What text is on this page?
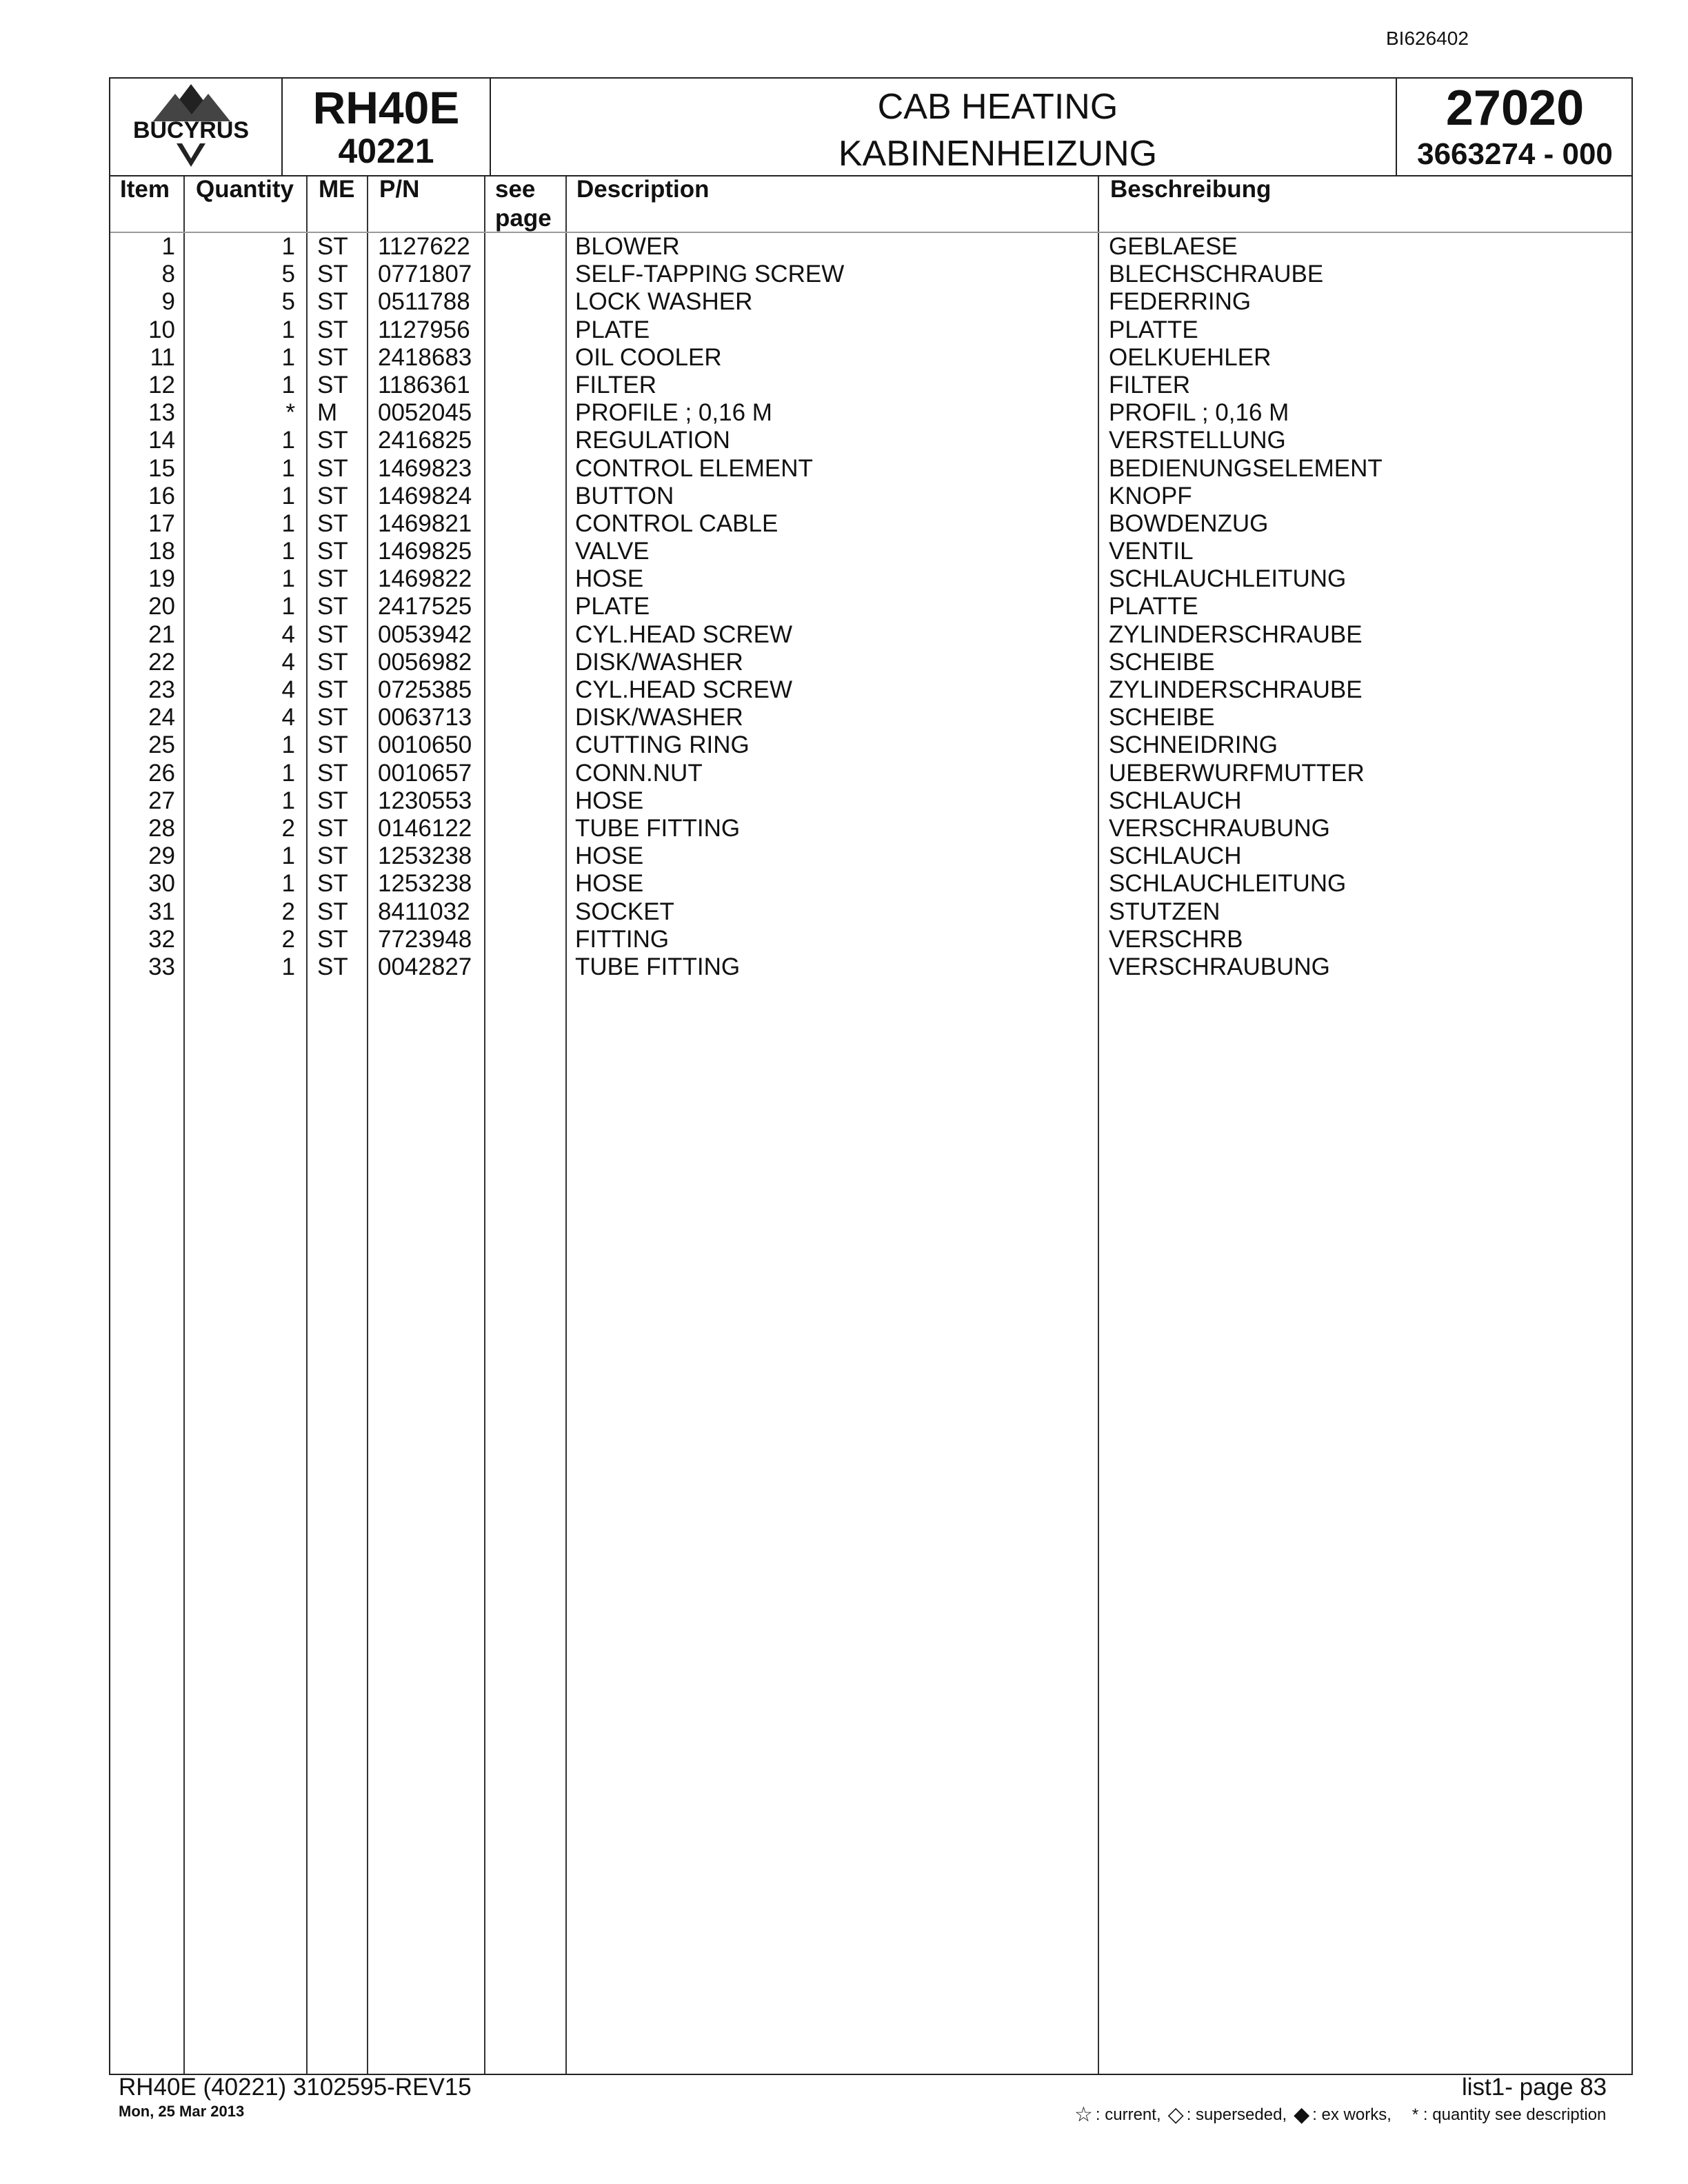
BI626402
BUCYRUS	RH40E
40221
CAB HEATING
KABINENHEIZUNG
27020
3663274 - 000
Item Quantity ME P/N	see
page
Description	Beschreibung
1	1 ST 1127622	BLOWER	GEBLAESE
8	5 ST 0771807	SELF-TAPPING SCREW	BLECHSCHRAUBE
9	5 ST 0511788	LOCK WASHER	FEDERRING
10	1 ST 1127956	PLATE	PLATTE
11	1 ST 2418683	OIL COOLER	OELKUEHLER
12	1 ST 1186361	FILTER	FILTER
13	* M 0052045	PROFILE ; 0,16 M	PROFIL ; 0,16 M
14	1 ST 2416825	REGULATION	VERSTELLUNG
15	1 ST 1469823	CONTROL ELEMENT	BEDIENUNGSELEMENT
16	1 ST 1469824	BUTTON	KNOPF
17	1 ST 1469821	CONTROL CABLE	BOWDENZUG
18	1 ST 1469825	VALVE	VENTIL
19	1 ST 1469822	HOSE	SCHLAUCHLEITUNG
20	1 ST 2417525	PLATE	PLATTE
21	4 ST 0053942	CYL.HEAD SCREW	ZYLINDERSCHRAUBE
22	4 ST 0056982	DISK/WASHER	SCHEIBE
23	4 ST 0725385	CYL.HEAD SCREW	ZYLINDERSCHRAUBE
24	4 ST 0063713	DISK/WASHER	SCHEIBE
25	1 ST 0010650	CUTTING RING	SCHNEIDRING
26	1 ST 0010657	CONN.NUT	UEBERWURFMUTTER
27	1 ST 1230553	HOSE	SCHLAUCH
28	2 ST 0146122	TUBE FITTING	VERSCHRAUBUNG
29	1 ST 1253238	HOSE	SCHLAUCH
30	1 ST 1253238	HOSE	SCHLAUCHLEITUNG
31	2 ST 8411032	SOCKET	STUTZEN
32	2 ST 7723948	FITTING	VERSCHRB
33	1 ST 0042827	TUBE FITTING	VERSCHRAUBUNG
RH40E (40221) 3102595-REV15
Mon, 25 Mar 2013
list1- page 83
☆ : current, ◇ : superseded, ◆ : ex works, * : quantity see description
